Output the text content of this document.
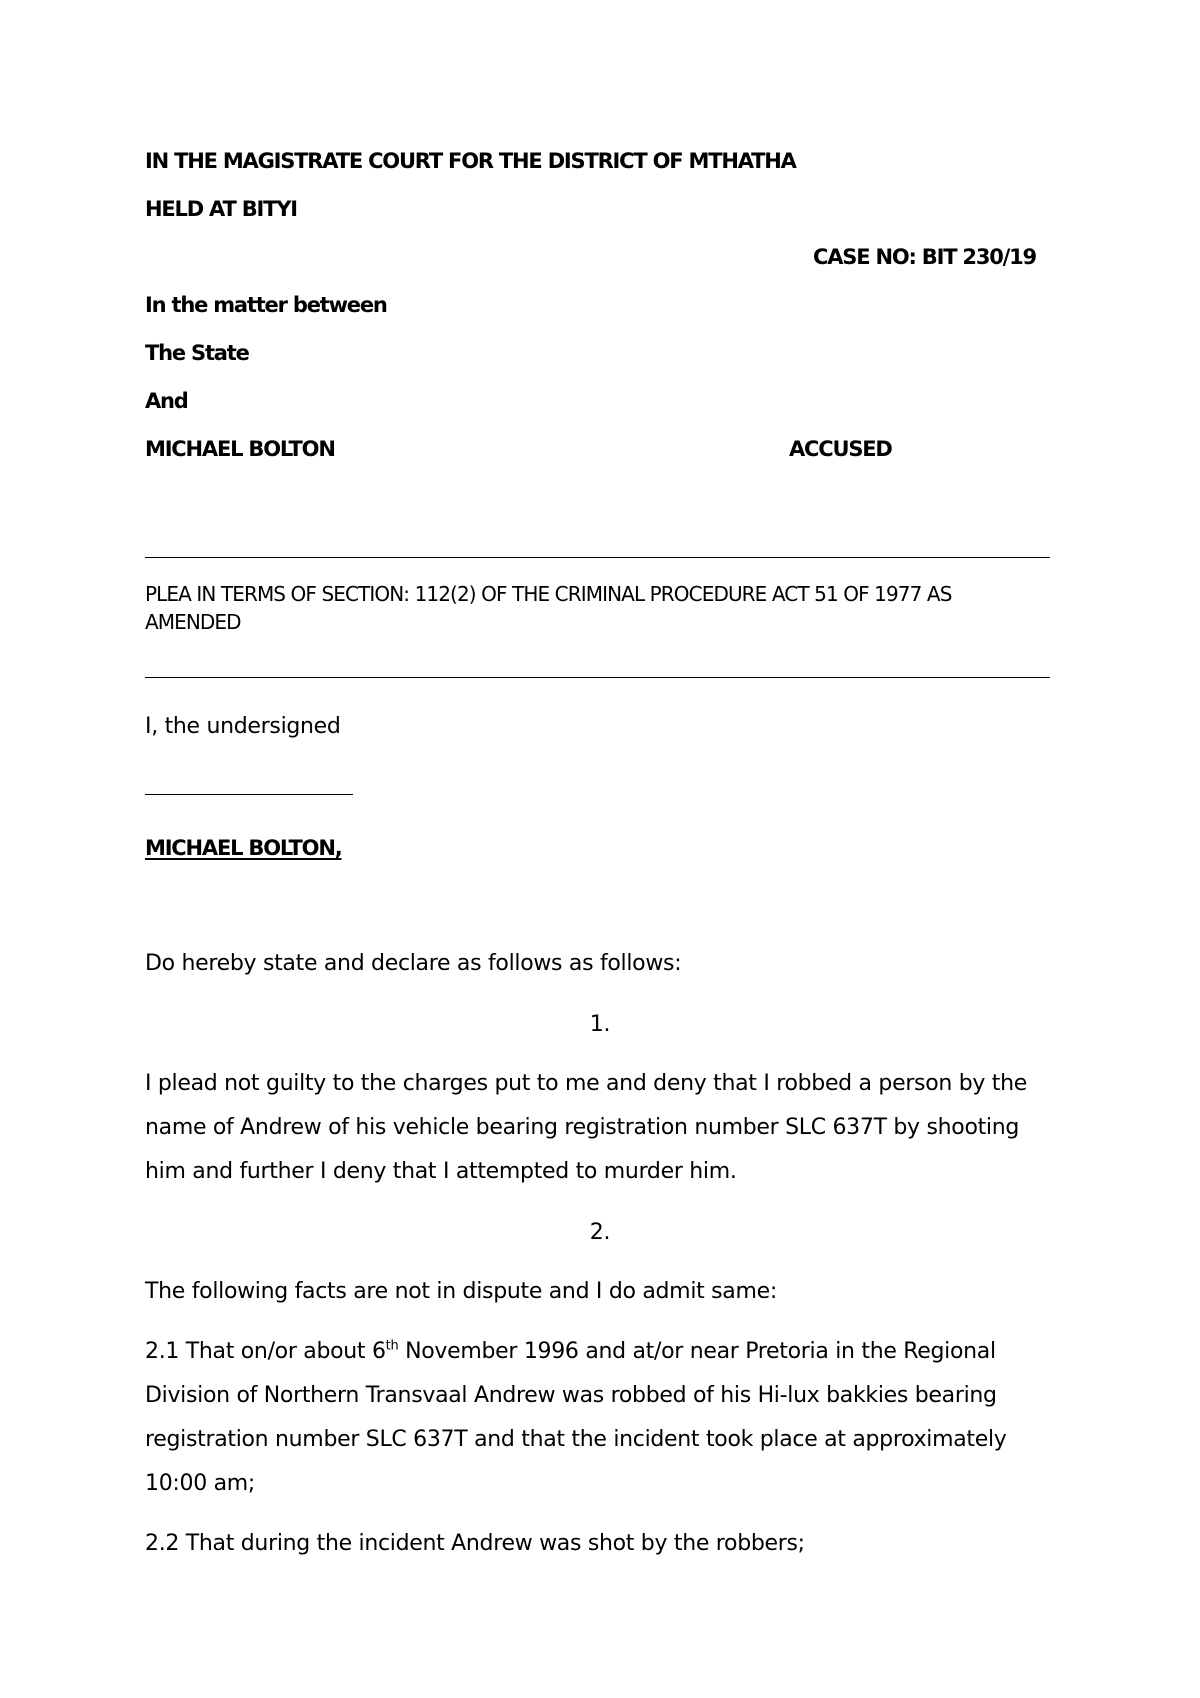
IN THE MAGISTRATE COURT FOR THE DISTRICT OF MTHATHA
HELD AT BITYI
CASE NO: BIT 230/19
In the matter between
The State
And
MICHAEL BOLTON	ACCUSED
PLEA IN TERMS OF SECTION: 112(2) OF THE CRIMINAL PROCEDURE ACT 51 OF 1977 AS
AMENDED
I, the undersigned
MICHAEL BOLTON,
Do hereby state and declare as follows as follows:
1.
I plead not guilty to the charges put to me and deny that I robbed a person by the
name of Andrew of his vehicle bearing registration number SLC 637T by shooting
him and further I deny that I attempted to murder him.
2.
The following facts are not in dispute and I do admit same:
2.1 That on/or about 6th November 1996 and at/or near Pretoria in the Regional
Division of Northern Transvaal Andrew was robbed of his Hi-lux bakkies bearing
registration number SLC 637T and that the incident took place at approximately
10:00 am;
2.2 That during the incident Andrew was shot by the robbers;
